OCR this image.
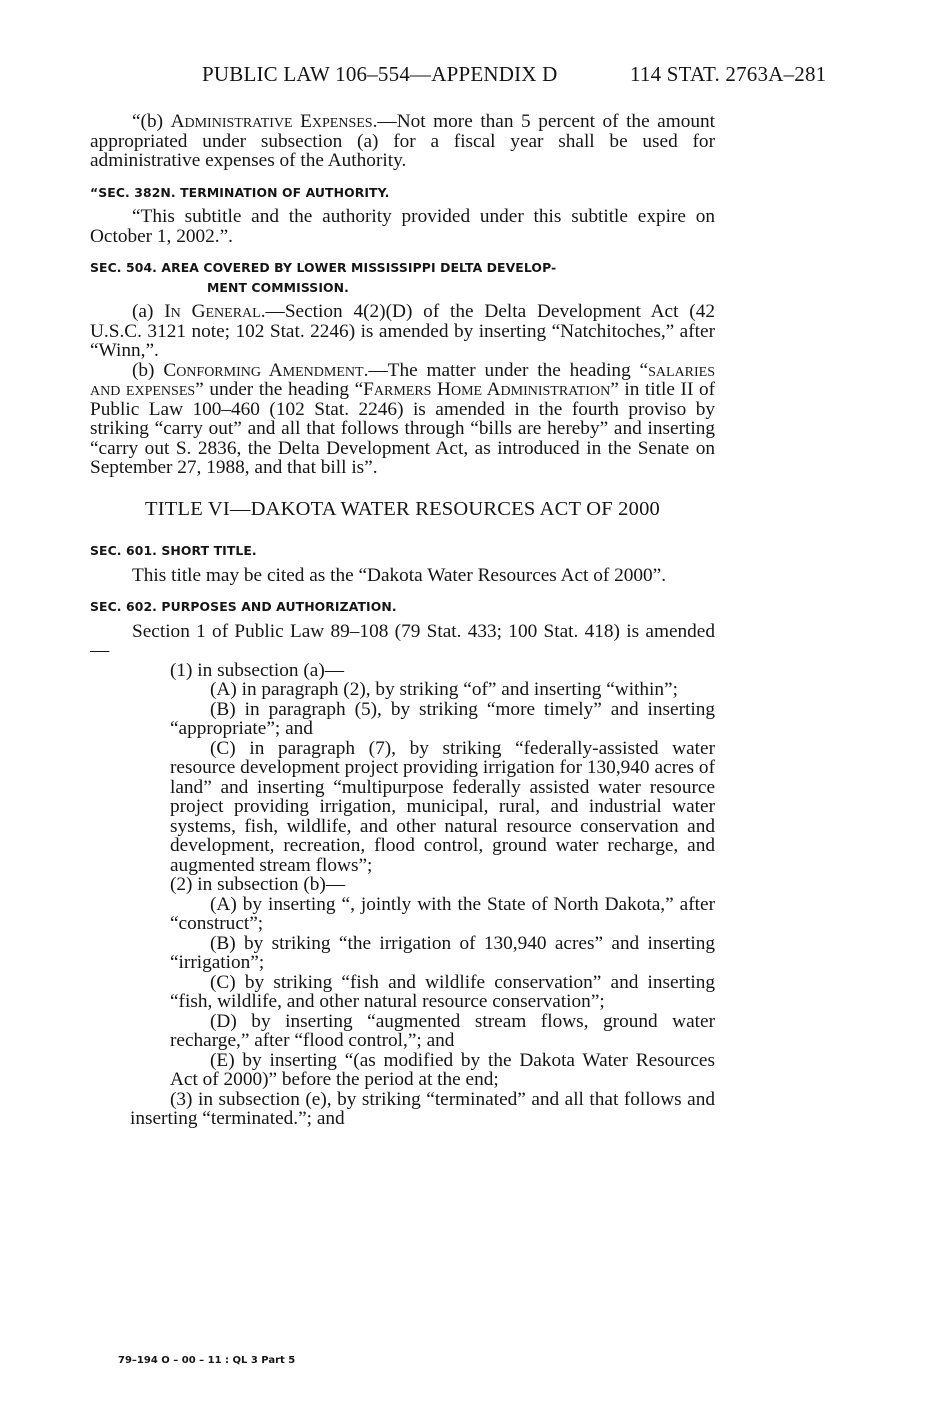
PUBLIC LAW 106–554—APPENDIX D	114 STAT. 2763A–281

“(b) Administrative Expenses.—Not more than 5 percent of the amount appropriated under subsection (a) for a fiscal year shall be used for administrative expenses of the Authority.

“SEC. 382N. TERMINATION OF AUTHORITY.

“This subtitle and the authority provided under this subtitle expire on October 1, 2002.”.

SEC. 504. AREA COVERED BY LOWER MISSISSIPPI DELTA DEVELOP-
MENT COMMISSION.

(a) In General.—Section 4(2)(D) of the Delta Development Act (42 U.S.C. 3121 note; 102 Stat. 2246) is amended by inserting “Natchitoches,” after “Winn,”.

(b) Conforming Amendment.—The matter under the heading “salaries and expenses” under the heading “Farmers Home Administration” in title II of Public Law 100–460 (102 Stat. 2246) is amended in the fourth proviso by striking “carry out” and all that follows through “bills are hereby” and inserting “carry out S. 2836, the Delta Development Act, as introduced in the Senate on September 27, 1988, and that bill is”.

TITLE VI—DAKOTA WATER RESOURCES ACT OF 2000
SEC. 601. SHORT TITLE.

This title may be cited as the “Dakota Water Resources Act of 2000”.

SEC. 602. PURPOSES AND AUTHORIZATION.

Section 1 of Public Law 89–108 (79 Stat. 433; 100 Stat. 418) is amended—

(1) in subsection (a)—

(A) in paragraph (2), by striking “of” and inserting “within”;

(B) in paragraph (5), by striking “more timely” and inserting “appropriate”; and

(C) in paragraph (7), by striking “federally-assisted water resource development project providing irrigation for 130,940 acres of land” and inserting “multipurpose federally assisted water resource project providing irrigation, municipal, rural, and industrial water systems, fish, wildlife, and other natural resource conservation and development, recreation, flood control, ground water recharge, and augmented stream flows”;

(2) in subsection (b)—

(A) by inserting “, jointly with the State of North Dakota,” after “construct”;

(B) by striking “the irrigation of 130,940 acres” and inserting “irrigation”;

(C) by striking “fish and wildlife conservation” and inserting “fish, wildlife, and other natural resource conservation”;

(D) by inserting “augmented stream flows, ground water recharge,” after “flood control,”; and

(E) by inserting “(as modified by the Dakota Water Resources Act of 2000)” before the period at the end;

(3) in subsection (e), by striking “terminated” and all that follows and inserting “terminated.”; and

79–194 O – 00 – 11 : QL 3 Part 5
